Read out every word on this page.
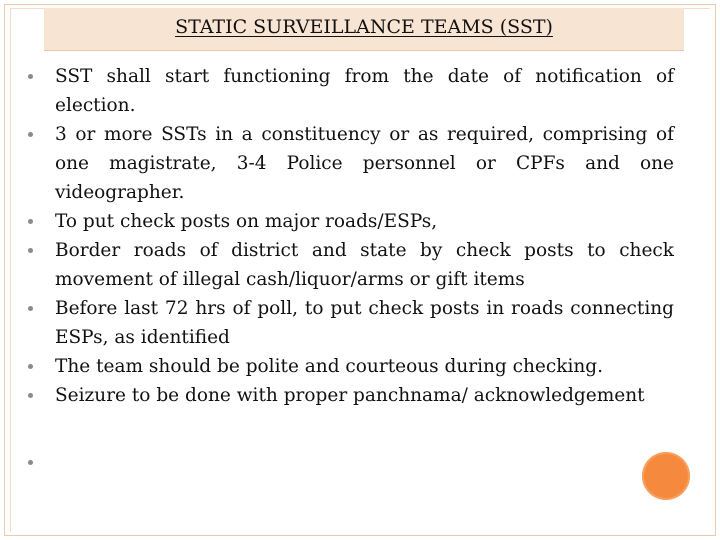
STATIC SURVEILLANCE TEAMS (SST)
SST shall start functioning from the date of notification of election.
3 or more SSTs in a constituency or as required, comprising of one magistrate, 3-4 Police personnel or CPFs and one videographer.
To put check posts on major roads/ESPs,
Border roads of district and state by check posts to check movement of illegal cash/liquor/arms or gift items
Before last 72 hrs of poll, to put check posts in roads connecting ESPs, as identified
The team should be polite and courteous during checking.
Seizure to be done with proper panchnama/ acknowledgement
